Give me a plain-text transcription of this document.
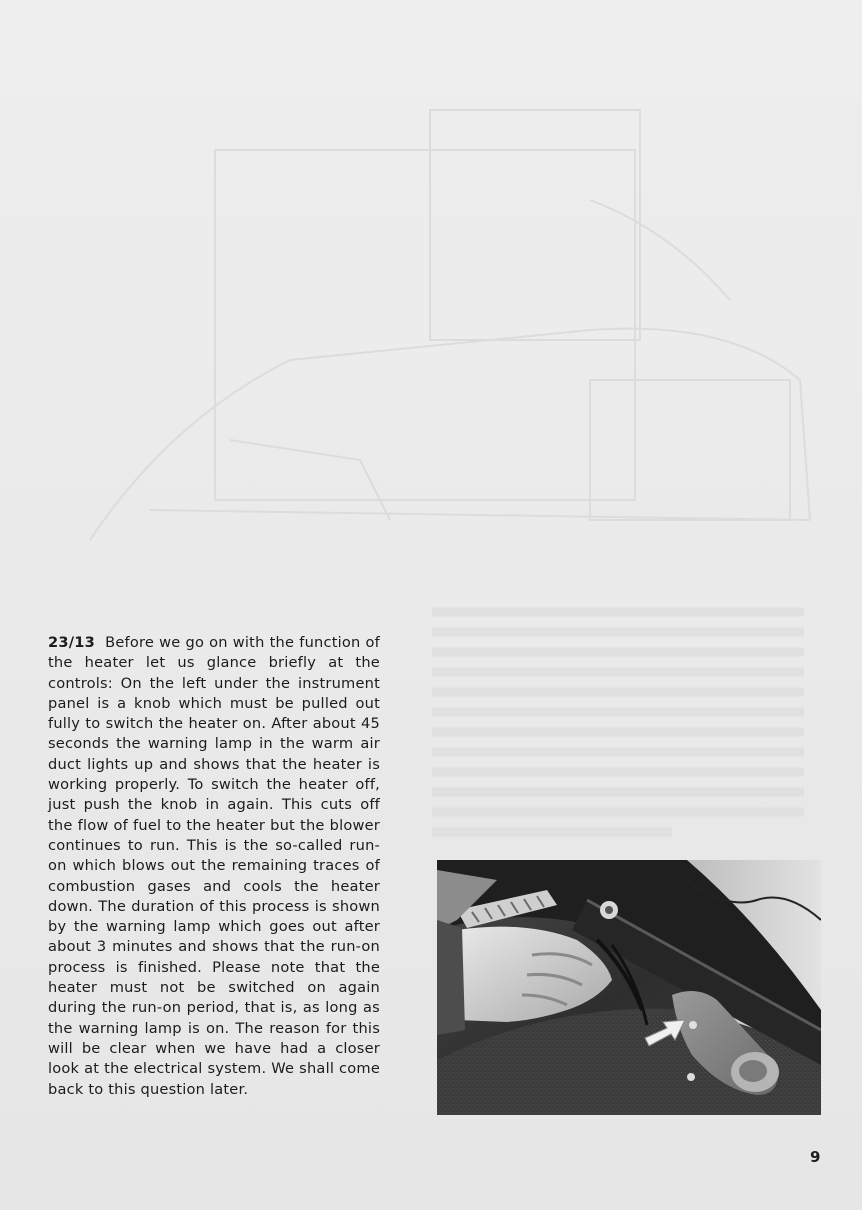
23/13 Before we go on with the function of the heater let us glance briefly at the controls: On the left under the instrument panel is a knob which must be pulled out fully to switch the heater on. After about 45 seconds the warning lamp in the warm air duct lights up and shows that the heater is working properly. To switch the heater off, just push the knob in again. This cuts off the flow of fuel to the heater but the blower continues to run. This is the so-called run-on which blows out the remaining traces of combustion gases and cools the heater down. The duration of this process is shown by the warning lamp which goes out after about 3 minutes and shows that the run-on process is finished. Please note that the heater must not be switched on again during the run-on period, that is, as long as the warning lamp is on. The reason for this will be clear when we have had a closer look at the electrical system. We shall come back to this question later.

9
